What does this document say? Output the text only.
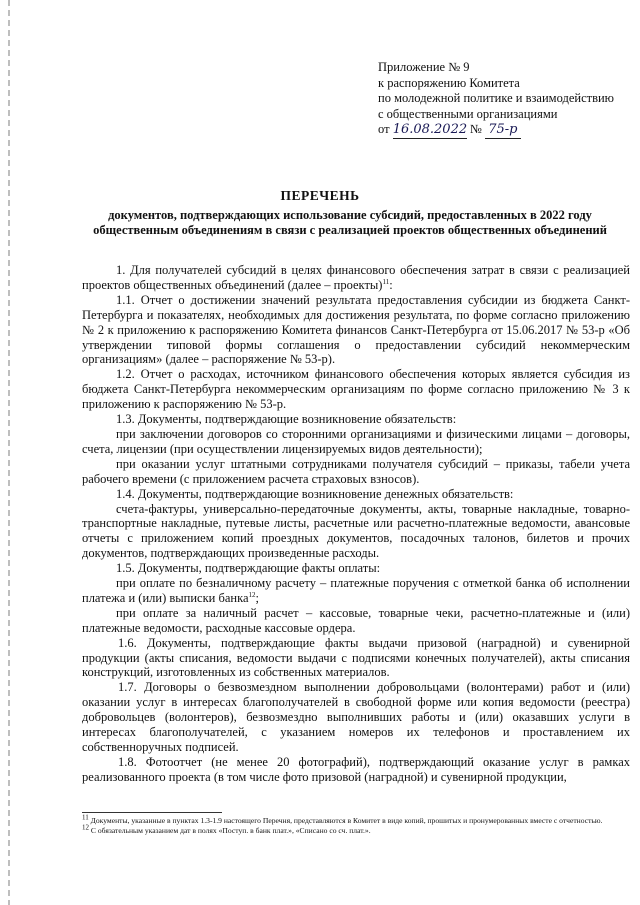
Приложение № 9
к распоряжению Комитета
по молодежной политике и взаимодействию
с общественными организациями
от 16.08.2022 № 75-р
ПЕРЕЧЕНЬ
документов, подтверждающих использование субсидий, предоставленных в 2022 году общественным объединениям в связи с реализацией проектов общественных объединений

1. Для получателей субсидий в целях финансового обеспечения затрат в связи с реализацией проектов общественных объединений (далее – проекты)$^{11}$:

1.1. Отчет о достижении значений результата предоставления субсидии из бюджета Санкт-Петербурга и показателях, необходимых для достижения результата, по форме согласно приложению № 2 к приложению к распоряжению Комитета финансов Санкт-Петербурга от 15.06.2017 № 53-р «Об утверждении типовой формы соглашения о предоставлении субсидий некоммерческим организациям» (далее – распоряжение № 53-р).

1.2. Отчет о расходах, источником финансового обеспечения которых является субсидия из бюджета Санкт-Петербурга некоммерческим организациям по форме согласно приложению № 3 к приложению к распоряжению № 53-р.

1.3. Документы, подтверждающие возникновение обязательств:

при заключении договоров со сторонними организациями и физическими лицами – договоры, счета, лицензии (при осуществлении лицензируемых видов деятельности);

при оказании услуг штатными сотрудниками получателя субсидий – приказы, табели учета рабочего времени (с приложением расчета страховых взносов).

1.4. Документы, подтверждающие возникновение денежных обязательств:

счета-фактуры, универсально-передаточные документы, акты, товарные накладные, товарно-транспортные накладные, путевые листы, расчетные или расчетно-платежные ведомости, авансовые отчеты с приложением копий проездных документов, посадочных талонов, билетов и прочих документов, подтверждающих произведенные расходы.

1.5. Документы, подтверждающие факты оплаты:

при оплате по безналичному расчету – платежные поручения с отметкой банка об исполнении платежа и (или) выписки банка$^{12}$;

при оплате за наличный расчет – кассовые, товарные чеки, расчетно-платежные и (или) платежные ведомости, расходные кассовые ордера.

1.6. Документы, подтверждающие факты выдачи призовой (наградной) и сувенирной продукции (акты списания, ведомости выдачи с подписями конечных получателей), акты списания конструкций, изготовленных из собственных материалов.

1.7. Договоры о безвозмездном выполнении добровольцами (волонтерами) работ и (или) оказании услуг в интересах благополучателей в свободной форме или копия ведомости (реестра) добровольцев (волонтеров), безвозмездно выполнивших работы и (или) оказавших услуги в интересах благополучателей, с указанием номеров их телефонов и проставлением их собственноручных подписей.

1.8. Фотоотчет (не менее 20 фотографий), подтверждающий оказание услуг в рамках реализованного проекта (в том числе фото призовой (наградной) и сувенирной продукции,

$^{11}$ Документы, указанные в пунктах 1.3-1.9 настоящего Перечня, представляются в Комитет в виде копий, прошитых и пронумерованных вместе с отчетностью.

$^{12}$ С обязательным указанием дат в полях «Поступ. в банк плат.», «Списано со сч. плат.».
